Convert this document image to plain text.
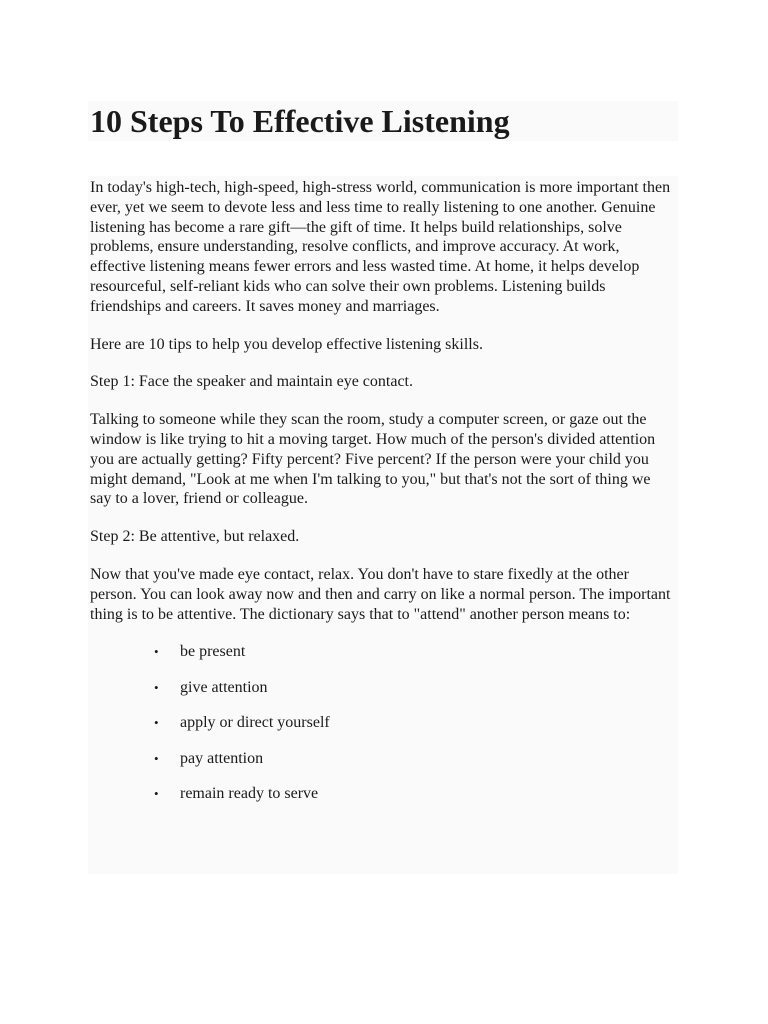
10 Steps To Effective Listening

In today's high-tech, high-speed, high-stress world, communication is more important then ever, yet we seem to devote less and less time to really listening to one another. Genuine listening has become a rare gift—the gift of time. It helps build relationships, solve problems, ensure understanding, resolve conflicts, and improve accuracy. At work, effective listening means fewer errors and less wasted time. At home, it helps develop resourceful, self-reliant kids who can solve their own problems. Listening builds friendships and careers. It saves money and marriages.

Here are 10 tips to help you develop effective listening skills.

Step 1: Face the speaker and maintain eye contact.

Talking to someone while they scan the room, study a computer screen, or gaze out the window is like trying to hit a moving target. How much of the person's divided attention you are actually getting? Fifty percent? Five percent? If the person were your child you might demand, "Look at me when I'm talking to you," but that's not the sort of thing we say to a lover, friend or colleague.

Step 2: Be attentive, but relaxed.

Now that you've made eye contact, relax. You don't have to stare fixedly at the other person. You can look away now and then and carry on like a normal person. The important thing is to be attentive. The dictionary says that to "attend" another person means to:

• be present
• give attention
• apply or direct yourself
• pay attention
• remain ready to serve
